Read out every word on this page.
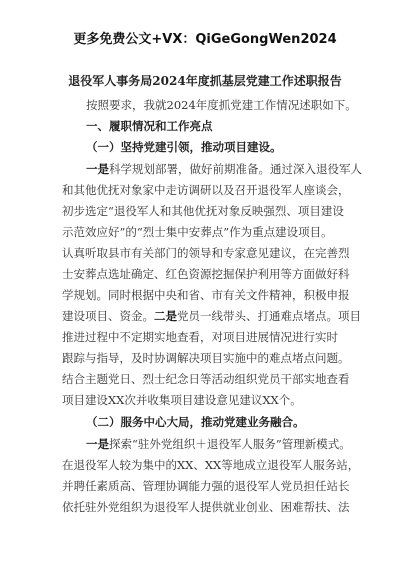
更多免费公文+VX：QiGeGongWen2024
退役军人事务局2024年度抓基层党建工作述职报告
按照要求，我就2024年度抓党建工作情况述职如下。
一、履职情况和工作亮点
（一）坚持党建引领，推动项目建设。
一是科学规划部署，做好前期准备。通过深入退役军人
和其他优抚对象家中走访调研以及召开退役军人座谈会，
初步选定“退役军人和其他优抚对象反映强烈、项目建设
示范效应好”的“烈士集中安葬点”作为重点建设项目。
认真听取县市有关部门的领导和专家意见建议，在完善烈
士安葬点选址确定、红色资源挖掘保护利用等方面做好科
学规划。同时根据中央和省、市有关文件精神，积极申报
建设项目、资金。二是党员一线带头、打通难点堵点。项目
推进过程中不定期实地查看，对项目进展情况进行实时
跟踪与指导，及时协调解决项目实施中的难点堵点问题。
结合主题党日、烈士纪念日等活动组织党员干部实地查看
项目建设XX次并收集项目建设意见建议XX个。
（二）服务中心大局，推动党建业务融合。
一是探索“驻外党组织＋退役军人服务”管理新模式。
在退役军人较为集中的XX、XX等地成立退役军人服务站，
并聘任素质高、管理协调能力强的退役军人党员担任站长
依托驻外党组织为退役军人提供就业创业、困难帮扶、法
